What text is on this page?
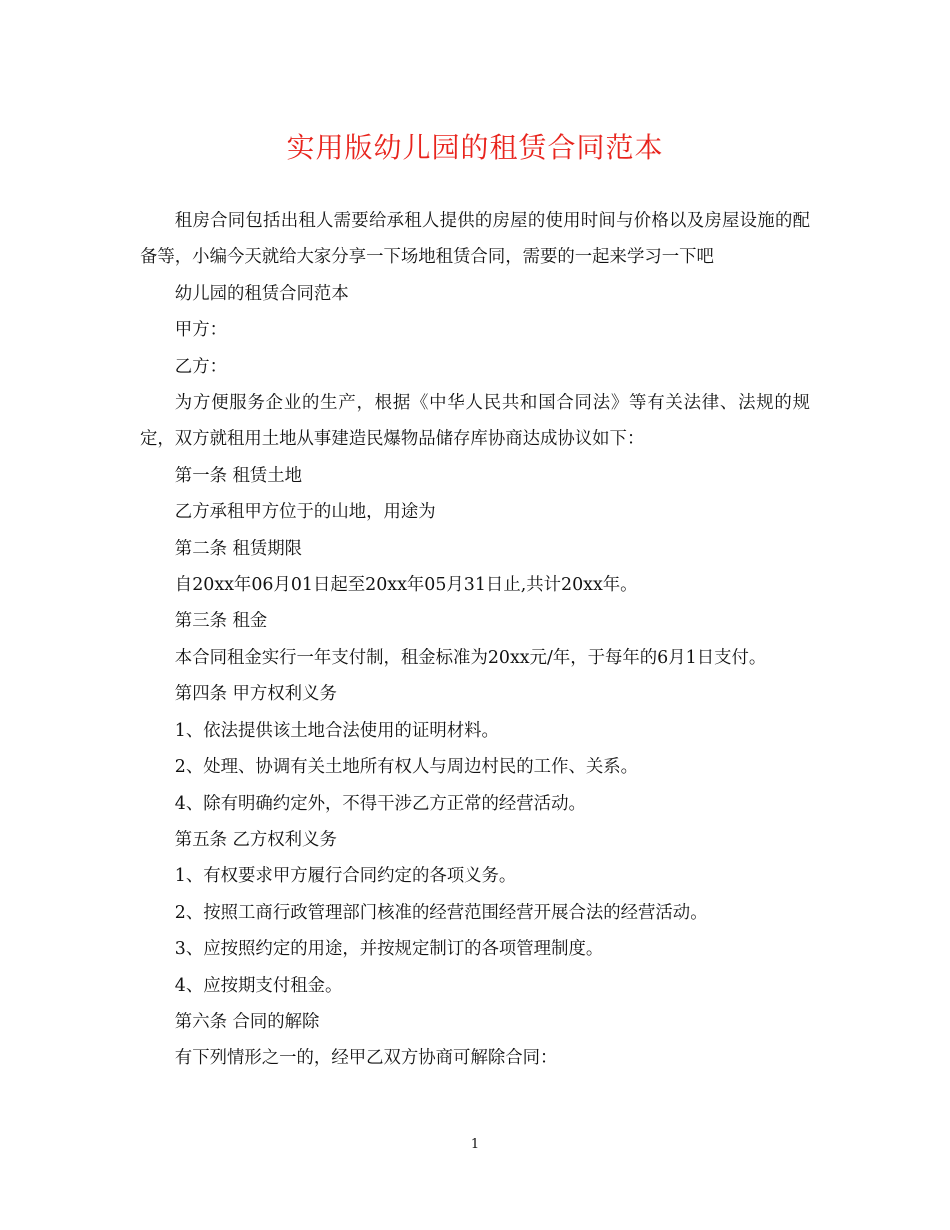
实用版幼儿园的租赁合同范本

租房合同包括出租人需要给承租人提供的房屋的使用时间与价格以及房屋设施的配备等，小编今天就给大家分享一下场地租赁合同，需要的一起来学习一下吧

幼儿园的租赁合同范本

甲方：

乙方：

为方便服务企业的生产，根据《中华人民共和国合同法》等有关法律、法规的规定，双方就租用土地从事建造民爆物品储存库协商达成协议如下：

第一条 租赁土地

乙方承租甲方位于的山地，用途为

第二条 租赁期限

自20xx年06月01日起至20xx年05月31日止,共计20xx年。

第三条 租金

本合同租金实行一年支付制，租金标准为20xx元/年，于每年的6月1日支付。

第四条 甲方权利义务

1、依法提供该土地合法使用的证明材料。

2、处理、协调有关土地所有权人与周边村民的工作、关系。

4、除有明确约定外，不得干涉乙方正常的经营活动。

第五条 乙方权利义务

1、有权要求甲方履行合同约定的各项义务。

2、按照工商行政管理部门核准的经营范围经营开展合法的经营活动。

3、应按照约定的用途，并按规定制订的各项管理制度。

4、应按期支付租金。

第六条 合同的解除

有下列情形之一的，经甲乙双方协商可解除合同：

1
